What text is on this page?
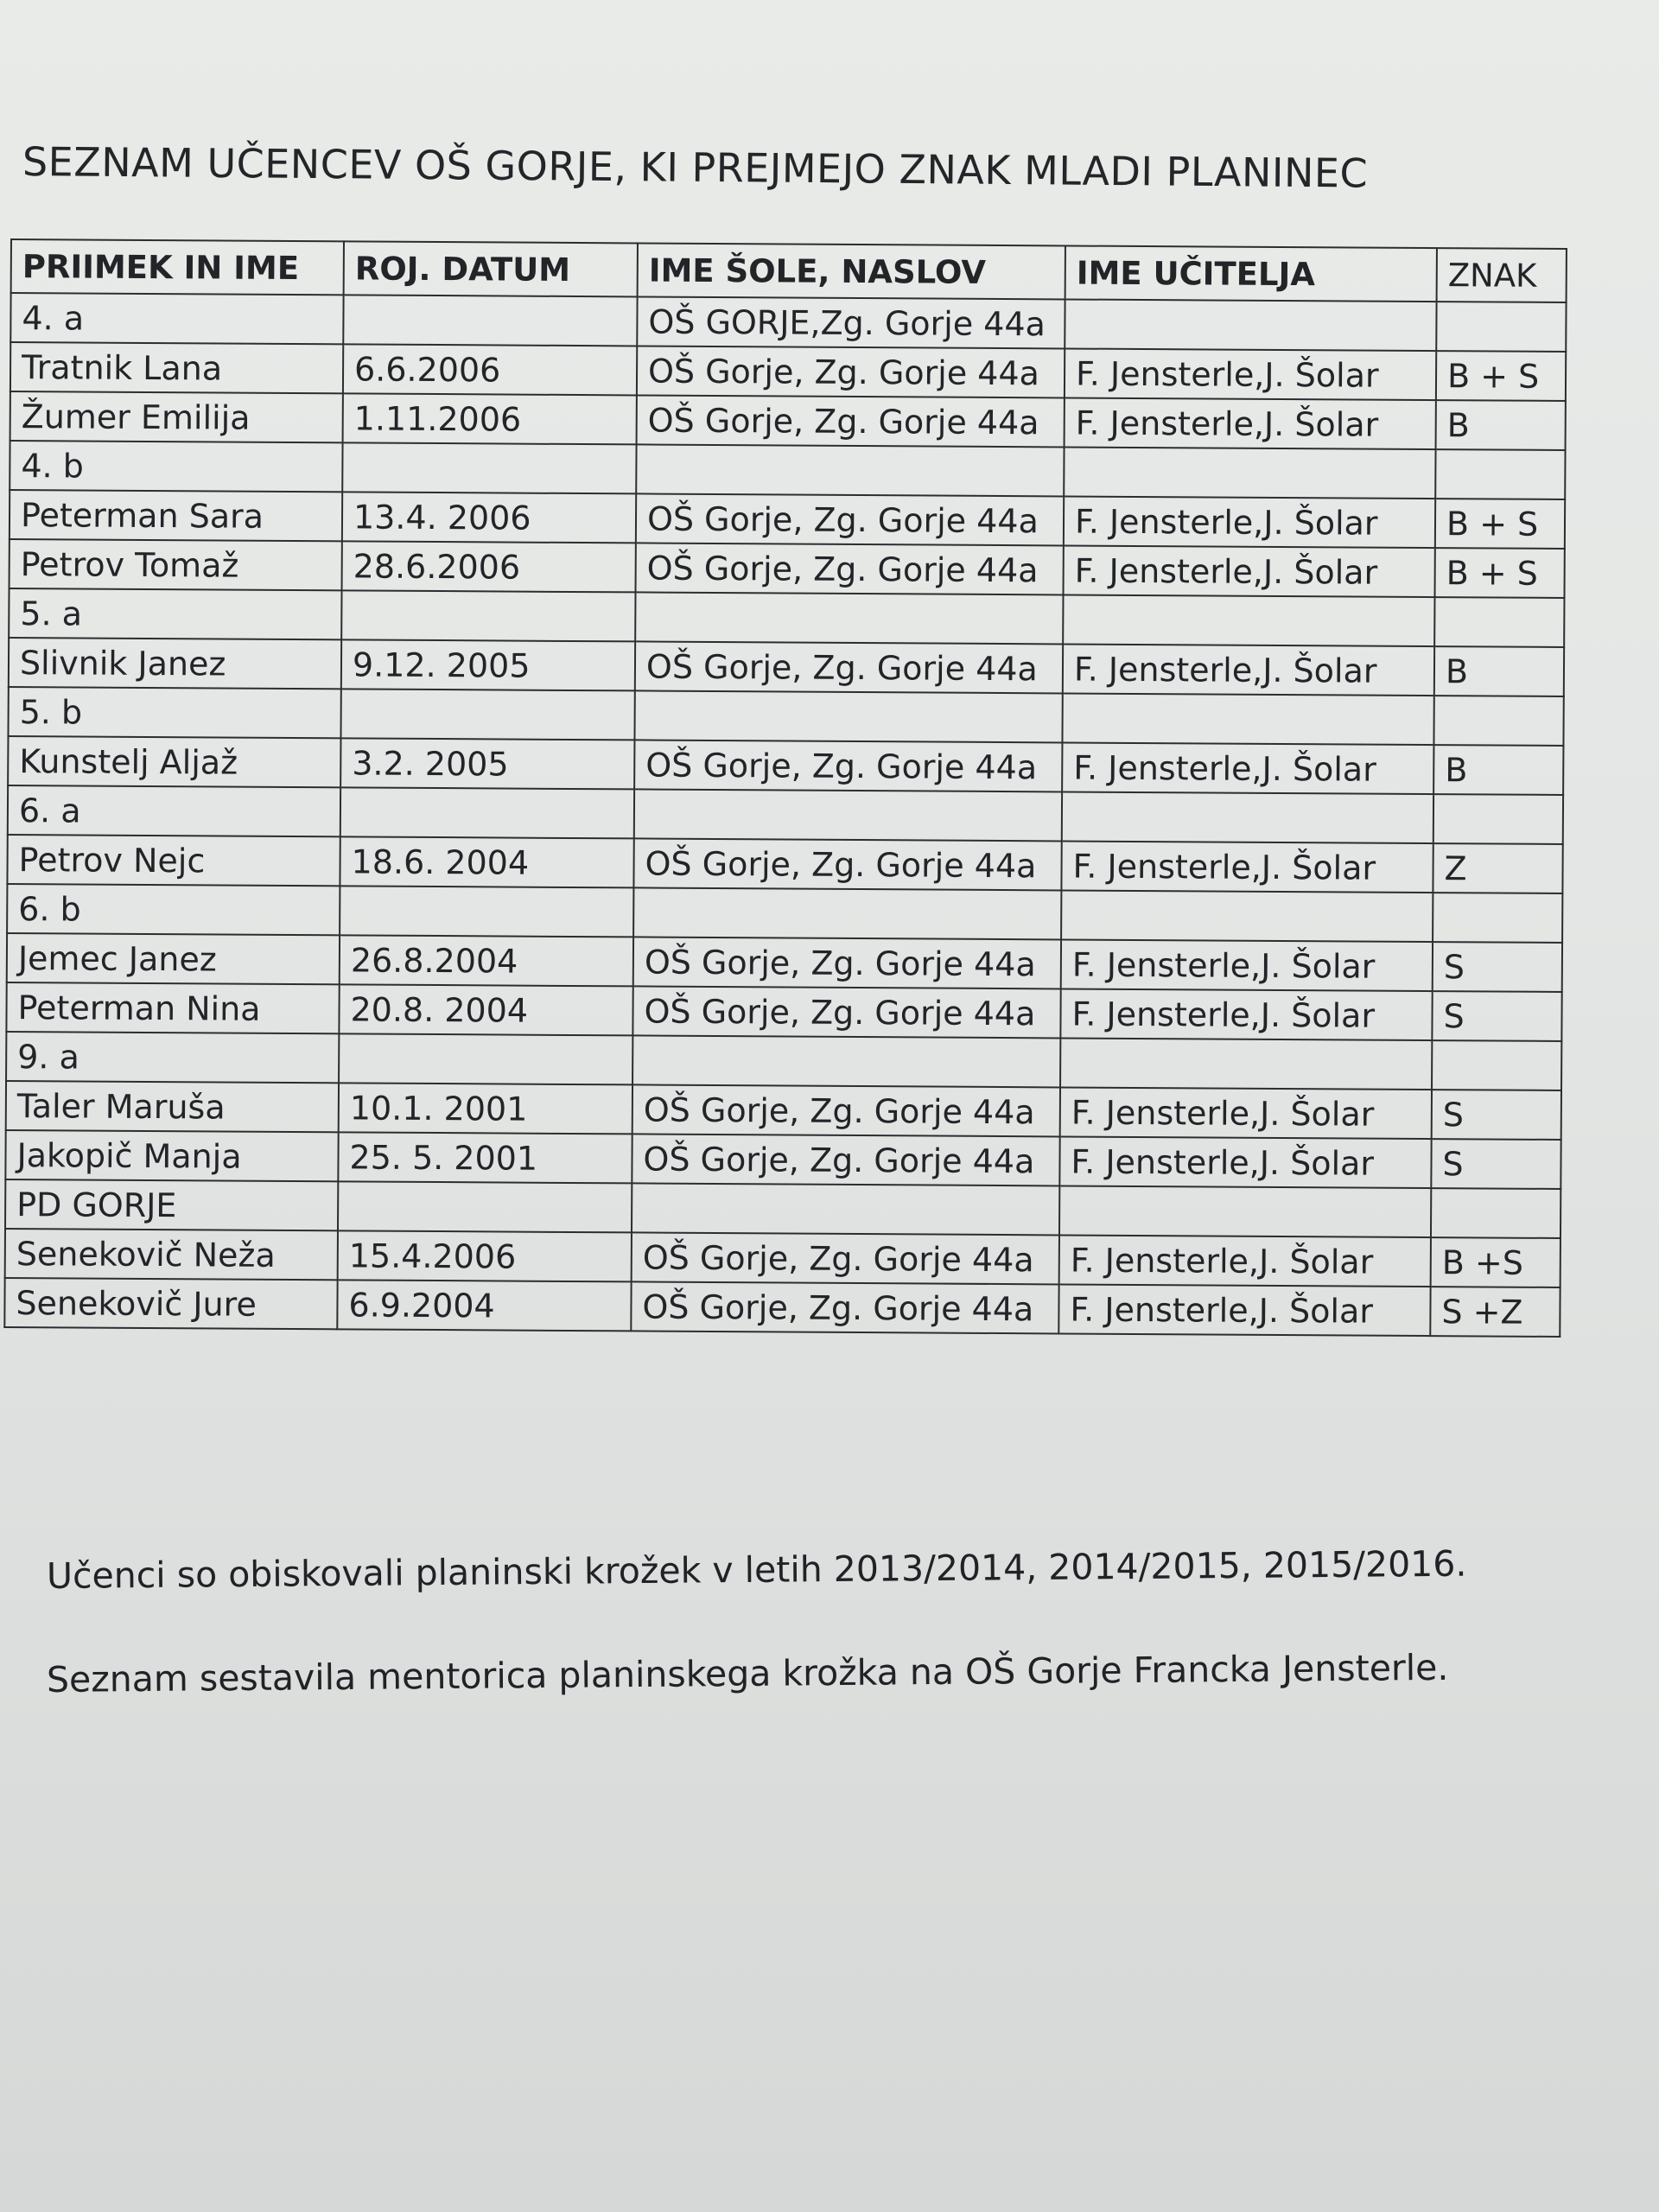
SEZNAM UČENCEV OŠ GORJE, KI PREJMEJO ZNAK MLADI PLANINEC
PRIIMEK IN IME	ROJ. DATUM	IME ŠOLE, NASLOV	IME UČITELJA	ZNAK
4. a		OŠ GORJE,Zg. Gorje 44a		
Tratnik Lana	6.6.2006	OŠ Gorje, Zg. Gorje 44a	F. Jensterle,J. Šolar	B + S
Žumer Emilija	1.11.2006	OŠ Gorje, Zg. Gorje 44a	F. Jensterle,J. Šolar	B
4. b				
Peterman Sara	13.4. 2006	OŠ Gorje, Zg. Gorje 44a	F. Jensterle,J. Šolar	B + S
Petrov Tomaž	28.6.2006	OŠ Gorje, Zg. Gorje 44a	F. Jensterle,J. Šolar	B + S
5. a				
Slivnik Janez	9.12. 2005	OŠ Gorje, Zg. Gorje 44a	F. Jensterle,J. Šolar	B
5. b				
Kunstelj Aljaž	3.2. 2005	OŠ Gorje, Zg. Gorje 44a	F. Jensterle,J. Šolar	B
6. a				
Petrov Nejc	18.6. 2004	OŠ Gorje, Zg. Gorje 44a	F. Jensterle,J. Šolar	Z
6. b				
Jemec Janez	26.8.2004	OŠ Gorje, Zg. Gorje 44a	F. Jensterle,J. Šolar	S
Peterman Nina	20.8. 2004	OŠ Gorje, Zg. Gorje 44a	F. Jensterle,J. Šolar	S
9. a				
Taler Maruša	10.1. 2001	OŠ Gorje, Zg. Gorje 44a	F. Jensterle,J. Šolar	S
Jakopič Manja	25. 5. 2001	OŠ Gorje, Zg. Gorje 44a	F. Jensterle,J. Šolar	S
PD GORJE				
Senekovič Neža	15.4.2006	OŠ Gorje, Zg. Gorje 44a	F. Jensterle,J. Šolar	B +S
Senekovič Jure	6.9.2004	OŠ Gorje, Zg. Gorje 44a	F. Jensterle,J. Šolar	S +Z
Učenci so obiskovali planinski krožek v letih 2013/2014, 2014/2015, 2015/2016.
Seznam sestavila mentorica planinskega krožka na OŠ Gorje Francka Jensterle.
